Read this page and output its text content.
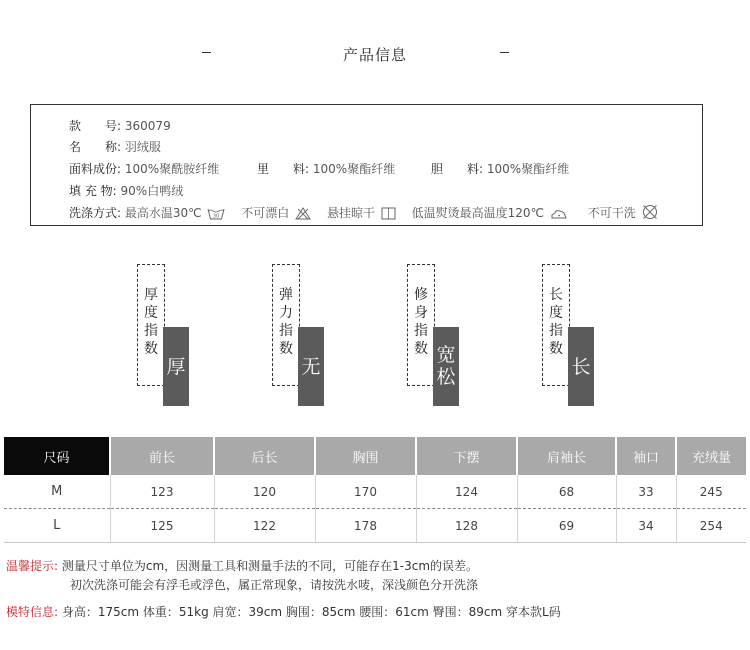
产品信息
款　　号: 360079
名　　称: 羽绒服
面料成份: 100%聚酰胺纤维	里　　料: 100%聚酯纤维	胆　　料: 100%聚酯纤维
填 充 物: 90%白鸭绒
洗涤方式: 最高水温30℃ 30 不可漂白	悬挂晾干	低温熨烫最高温度120℃	不可干洗
厚
度
指
数
厚
弹
力
指
数
无
修
身
指
数 宽
松
长
度
指
数
长
尺码	前长	后长	胸围	下摆	肩袖长	袖口	充绒量
M	123	120	170	124	68	33	245
L	125	122	178	128	69	34	254
温馨提示: 测量尺寸单位为cm，因测量工具和测量手法的不同，可能存在1-3cm的误差。
初次洗涤可能会有浮毛或浮色，属正常现象，请按洗水唛，深浅颜色分开洗涤
模特信息: 身高：175cm 体重：51kg 肩宽：39cm 胸围：85cm 腰围：61cm 臀围：89cm 穿本款L码
